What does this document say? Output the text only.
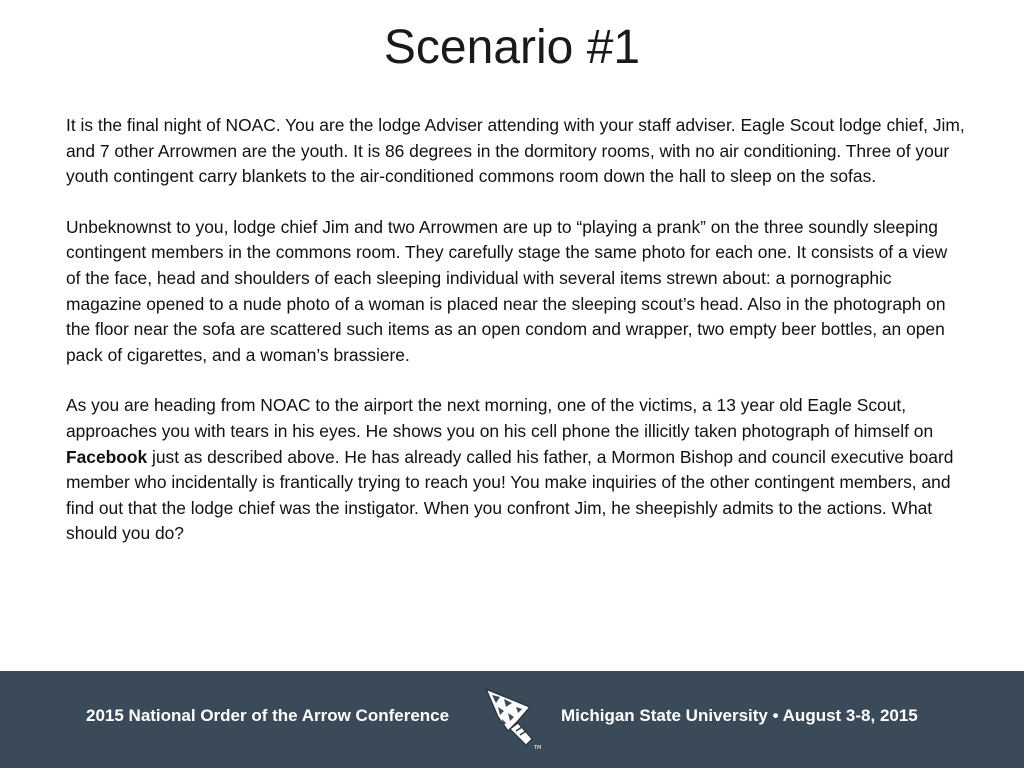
Scenario #1

It is the final night of NOAC. You are the lodge Adviser attending with your staff adviser. Eagle Scout lodge chief, Jim, and 7 other Arrowmen are the youth. It is 86 degrees in the dormitory rooms, with no air conditioning. Three of your youth contingent carry blankets to the air-conditioned commons room down the hall to sleep on the sofas.

Unbeknownst to you, lodge chief Jim and two Arrowmen are up to “playing a prank” on the three soundly sleeping contingent members in the commons room. They carefully stage the same photo for each one. It consists of a view of the face, head and shoulders of each sleeping individual with several items strewn about: a pornographic magazine opened to a nude photo of a woman is placed near the sleeping scout’s head. Also in the photograph on the floor near the sofa are scattered such items as an open condom and wrapper, two empty beer bottles, an open pack of cigarettes, and a woman’s brassiere.

As you are heading from NOAC to the airport the next morning, one of the victims, a 13 year old Eagle Scout, approaches you with tears in his eyes. He shows you on his cell phone the illicitly taken photograph of himself on Facebook just as described above. He has already called his father, a Mormon Bishop and council executive board member who incidentally is frantically trying to reach you! You make inquiries of the other contingent members, and find out that the lodge chief was the instigator. When you confront Jim, he sheepishly admits to the actions. What should you do?

2015 National Order of the Arrow Conference
TM
Michigan State University • August 3-8, 2015
